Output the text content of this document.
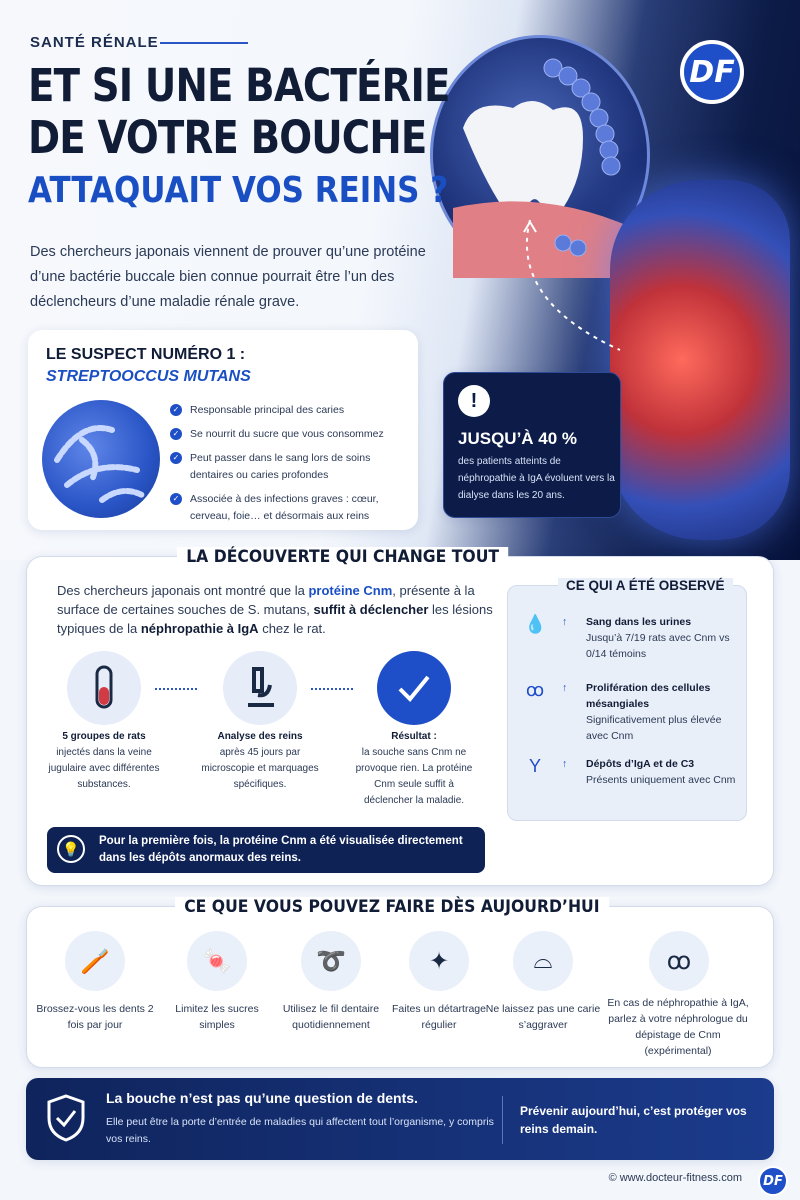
DF
SANTÉ RÉNALE
ET SI UNE BACTÉRIE
DE VOTRE BOUCHE
ATTAQUAIT VOS REINS ?
Des chercheurs japonais viennent de prouver qu’une protéine d’une bactérie buccale bien connue pourrait être l’un des déclencheurs d’une maladie rénale grave.
LE SUSPECT NUMÉRO 1 :
STREPTOOCCUS MUTANS
✓ Responsable principal des caries
✓ Se nourrit du sucre que vous consommez
✓ Peut passer dans le sang lors de soins dentaires ou caries profondes
✓ Associée à des infections graves : cœur, cerveau, foie… et désormais aux reins
!
JUSQU’À 40 %
des patients atteints de néphropathie à IgA évoluent vers la dialyse dans les 20 ans.
LA DÉCOUVERTE QUI CHANGE TOUT
Des chercheurs japonais ont montré que la protéine Cnm, présente à la surface de certaines souches de S. mutans, suffit à déclencher les lésions typiques de la néphropathie à IgA chez le rat.
5 groupes de rats
injectés dans la veine jugulaire avec différentes substances.
Analyse des reins
après 45 jours par microscopie et marquages spécifiques.
Résultat :
la souche sans Cnm ne provoque rien. La protéine Cnm seule suffit à déclencher la maladie.
💡	Pour la première fois, la protéine Cnm a été visualisée directement dans les dépôts anormaux des reins.
CE QUI A ÉTÉ OBSERVÉ
💧 ↑ Sang dans les urines
Jusqu’à 7/19 rats avec Cnm vs 0/14 témoins
ꚙ ↑ Prolifération des cellules mésangiales
Significativement plus élevée avec Cnm
Y	↑ Dépôts d’IgA et de C3
Présents uniquement avec Cnm
CE QUE VOUS POUVEZ FAIRE DÈS AUJOURD’HUI
🪥
Brossez-vous les dents 2 fois par jour
🍬
Limitez les sucres simples
➰
Utilisez le fil dentaire quotidiennement
✦
Faites un détartrage régulier
⌓
Ne laissez pas une carie s’aggraver
ꚙ
En cas de néphropathie à IgA, parlez à votre néphrologue du dépistage de Cnm (expérimental)
La bouche n’est pas qu’une question de dents.
Elle peut être la porte d’entrée de maladies qui affectent tout l’organisme, y compris vos reins.
Prévenir aujourd’hui, c’est protéger vos reins demain.
© www.docteur-fitness.com	DF
